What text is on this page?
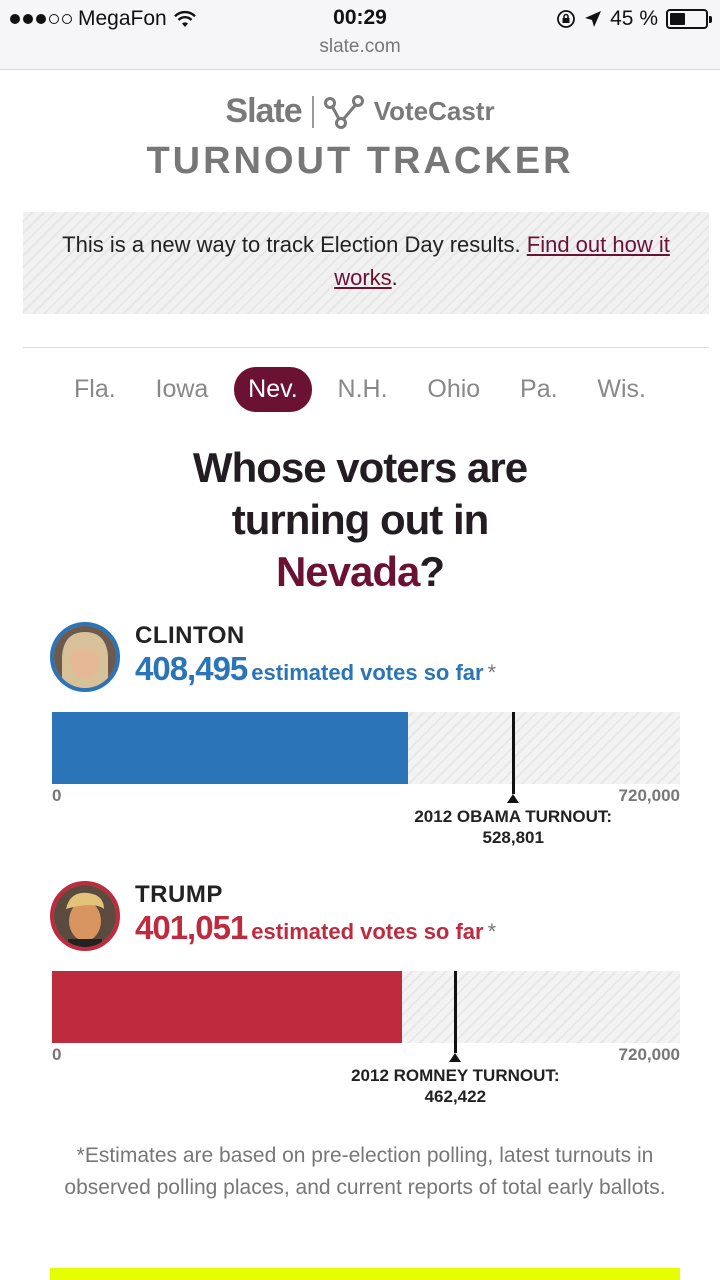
MegaFon	00:29	45 %
slate.com
Slate	VoteCastr
TURNOUT TRACKER
This is a new way to track Election Day results. Find out how it works.
Fla.	Iowa	Nev.	N.H.	Ohio	Pa.	Wis.
Whose voters are
turning out in
Nevada?
CLINTON
408,495 estimated votes so far *
0	720,000
2012 OBAMA TURNOUT:
528,801
TRUMP
401,051 estimated votes so far *
0	720,000
2012 ROMNEY TURNOUT:
462,422
*Estimates are based on pre-election polling, latest turnouts in observed polling places, and current reports of total early ballots.
